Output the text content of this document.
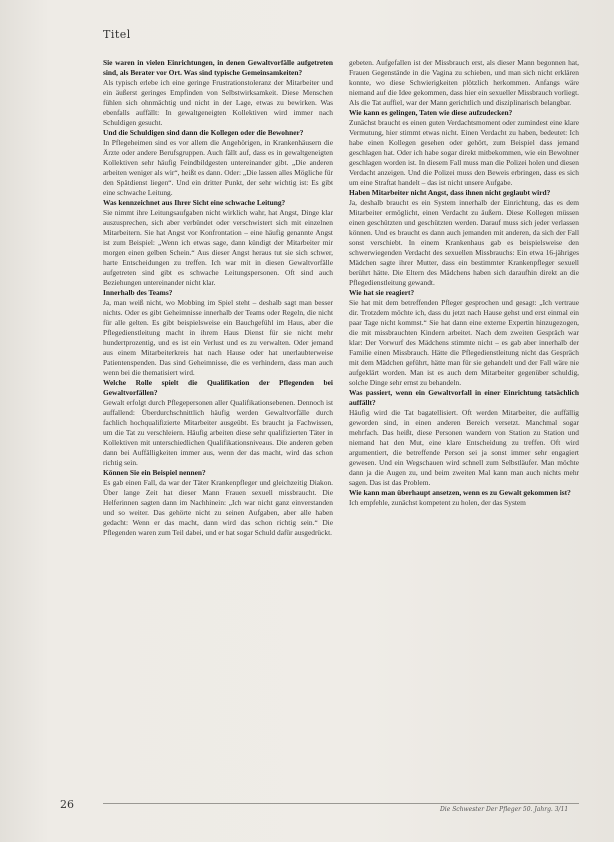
Titel

Sie waren in vielen Einrichtungen, in denen Gewaltvorfälle aufgetreten sind, als Berater vor Ort. Was sind typische Gemeinsamkeiten?

Als typisch erlebe ich eine geringe Frustrationstoleranz der Mitarbeiter und ein äußerst geringes Empfinden von Selbstwirksamkeit. Diese Menschen fühlen sich ohnmächtig und nicht in der Lage, etwas zu bewirken. Was ebenfalls auffällt: In gewaltgeneigten Kollektiven wird immer nach Schuldigen gesucht.

Und die Schuldigen sind dann die Kollegen oder die Bewohner?

In Pflegeheimen sind es vor allem die Angehörigen, in Krankenhäusern die Ärzte oder andere Berufsgruppen. Auch fällt auf, dass es in gewaltgeneigten Kollektiven sehr häufig Feindbildgesten untereinander gibt. „Die anderen arbeiten weniger als wir“, heißt es dann. Oder: „Die lassen alles Mögliche für den Spätdienst liegen“. Und ein dritter Punkt, der sehr wichtig ist: Es gibt eine schwache Leitung.

Was kennzeichnet aus Ihrer Sicht eine schwache Leitung?

Sie nimmt ihre Leitungsaufgaben nicht wirklich wahr, hat Angst, Dinge klar auszusprechen, sich aber verbündet oder verschwistert sich mit einzelnen Mitarbeitern. Sie hat Angst vor Konfrontation – eine häufig genannte Angst ist zum Beispiel: „Wenn ich etwas sage, dann kündigt der Mitarbeiter mir morgen einen gelben Schein.“ Aus dieser Angst heraus tut sie sich schwer, harte Entscheidungen zu treffen. Ich war mit in diesen Gewaltvorfälle aufgetreten sind gibt es schwache Leitungspersonen. Oft sind auch Beziehungen untereinander nicht klar.

Innerhalb des Teams?

Ja, man weiß nicht, wo Mobbing im Spiel steht – deshalb sagt man besser nichts. Oder es gibt Geheimnisse innerhalb der Teams oder Regeln, die nicht für alle gelten. Es gibt beispielsweise ein Bauchgefühl im Haus, aber die Pflegedienstleitung macht in ihrem Haus Dienst für sie nicht mehr hundertprozentig, und es ist ein Verlust und es zu verwalten. Oder jemand aus einem Mitarbeiterkreis hat nach Hause oder hat unerlaubterweise Patientenspenden. Das sind Geheimnisse, die es verhindern, dass man auch wenn bei die thematisiert wird.

Welche Rolle spielt die Qualifikation der Pflegenden bei Gewaltvorfällen?

Gewalt erfolgt durch Pflegepersonen aller Qualifikationsebenen. Dennoch ist auffallend: Überdurchschnittlich häufig werden Gewaltvorfälle durch fachlich hochqualifizierte Mitarbeiter ausgeübt. Es braucht ja Fachwissen, um die Tat zu verschleiern. Häufig arbeiten diese sehr qualifizierten Täter in Kollektiven mit unterschiedlichen Qualifikationsniveaus. Die anderen geben dann bei Auffälligkeiten immer aus, wenn der das macht, wird das schon richtig sein.

Können Sie ein Beispiel nennen?

Es gab einen Fall, da war der Täter Krankenpfleger und gleichzeitig Diakon. Über lange Zeit hat dieser Mann Frauen sexuell missbraucht. Die Helferinnen sagten dann im Nachhinein: „Ich war nicht ganz einverstanden und so weiter. Das gehörte nicht zu seinen Aufgaben, aber alle haben gedacht: Wenn er das macht, dann wird das schon richtig sein.“ Die Pflegenden waren zum Teil dabei, und er hat sogar Schuld dafür ausgedrückt.

gebeten. Aufgefallen ist der Missbrauch erst, als dieser Mann begonnen hat, Frauen Gegenstände in die Vagina zu schieben, und man sich nicht erklären konnte, wo diese Schwierigkeiten plötzlich herkommen. Anfangs wäre niemand auf die Idee gekommen, dass hier ein sexueller Missbrauch vorliegt. Als die Tat auffiel, war der Mann gerichtlich und disziplinarisch belangbar.

Wie kann es gelingen, Taten wie diese aufzudecken?

Zunächst braucht es einen guten Verdachtsmoment oder zumindest eine klare Vermutung, hier stimmt etwas nicht. Einen Verdacht zu haben, bedeutet: Ich habe einen Kollegen gesehen oder gehört, zum Beispiel dass jemand geschlagen hat. Oder ich habe sogar direkt mitbekommen, wie ein Bewohner geschlagen worden ist. In diesem Fall muss man die Polizei holen und diesen Verdacht anzeigen. Und die Polizei muss den Beweis erbringen, dass es sich um eine Straftat handelt – das ist nicht unsere Aufgabe.

Haben Mitarbeiter nicht Angst, dass ihnen nicht geglaubt wird?

Ja, deshalb braucht es ein System innerhalb der Einrichtung, das es dem Mitarbeiter ermöglicht, einen Verdacht zu äußern. Diese Kollegen müssen einen geschützten und geschützten werden. Darauf muss sich jeder verlassen können. Und es braucht es dann auch jemanden mit anderen, da sich der Fall sonst verschiebt. In einem Krankenhaus gab es beispielsweise den schwerwiegenden Verdacht des sexuellen Missbrauchs: Ein etwa 16-jähriges Mädchen sagte ihrer Mutter, dass ein bestimmter Krankenpfleger sexuell berührt hätte. Die Eltern des Mädchens haben sich daraufhin direkt an die Pflegedienstleitung gewandt.

Wie hat sie reagiert?

Sie hat mit dem betreffenden Pfleger gesprochen und gesagt: „Ich vertraue dir. Trotzdem möchte ich, dass du jetzt nach Hause gehst und erst einmal ein paar Tage nicht kommst.“ Sie hat dann eine externe Expertin hinzugezogen, die mit missbrauchten Kindern arbeitet. Nach dem zweiten Gespräch war klar: Der Vorwurf des Mädchens stimmte nicht – es gab aber innerhalb der Familie einen Missbrauch. Hätte die Pflegedienstleitung nicht das Gespräch mit dem Mädchen geführt, hätte man für sie gehandelt und der Fall wäre nie aufgeklärt worden. Man ist es auch dem Mitarbeiter gegenüber schuldig, solche Dinge sehr ernst zu behandeln.

Was passiert, wenn ein Gewaltvorfall in einer Einrichtung tatsächlich auffällt?

Häufig wird die Tat bagatellisiert. Oft werden Mitarbeiter, die auffällig geworden sind, in einen anderen Bereich versetzt. Manchmal sogar mehrfach. Das heißt, diese Personen wandern von Station zu Station und niemand hat den Mut, eine klare Entscheidung zu treffen. Oft wird argumentiert, die betreffende Person sei ja sonst immer sehr engagiert gewesen. Und ein Wegschauen wird schnell zum Selbstläufer. Man möchte dann ja die Augen zu, und beim zweiten Mal kann man auch nichts mehr sagen. Das ist das Problem.

Wie kann man überhaupt ansetzen, wenn es zu Gewalt gekommen ist?

Ich empfehle, zunächst kompetent zu holen, der das System

26	Die Schwester Der Pfleger 50. Jahrg. 3/11
